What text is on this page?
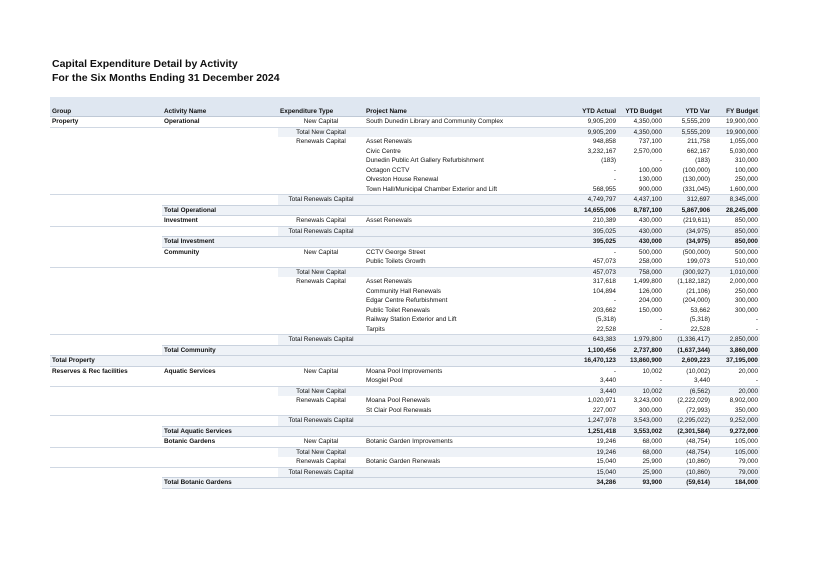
Capital Expenditure Detail by Activity
For the Six Months Ending 31 December 2024
Group	Activity Name	Expenditure Type	Project Name	YTD Actual	YTD Budget	YTD Var	FY Budget
Property	Operational	New Capital	South Dunedin Library and Community Complex	9,905,209	4,350,000	5,555,209	19,900,000
		Total New Capital		9,905,209	4,350,000	5,555,209	19,900,000
		Renewals Capital	Asset Renewals	948,858	737,100	211,758	1,055,000
			Civic Centre	3,232,167	2,570,000	662,167	5,030,000
			Dunedin Public Art Gallery Refurbishment	(183)	-	(183)	310,000
			Octagon CCTV	-	100,000	(100,000)	100,000
			Olveston House Renewal	-	130,000	(130,000)	250,000
			Town Hall/Municipal Chamber Exterior and Lift	568,955	900,000	(331,045)	1,600,000
		Total Renewals Capital		4,749,797	4,437,100	312,697	8,345,000
	Total Operational			14,655,006	8,787,100	5,867,906	28,245,000
	Investment	Renewals Capital	Asset Renewals	210,389	430,000	(219,611)	850,000
		Total Renewals Capital		395,025	430,000	(34,975)	850,000
	Total Investment			395,025	430,000	(34,975)	850,000
	Community	New Capital	CCTV George Street	-	500,000	(500,000)	500,000
			Public Toilets Growth	457,073	258,000	199,073	510,000
		Total New Capital		457,073	758,000	(300,927)	1,010,000
		Renewals Capital	Asset Renewals	317,618	1,499,800	(1,182,182)	2,000,000
			Community Hall Renewals	104,894	126,000	(21,106)	250,000
			Edgar Centre Refurbishment	-	204,000	(204,000)	300,000
			Public Toilet Renewals	203,662	150,000	53,662	300,000
			Railway Station Exterior and Lift	(5,318)	-	(5,318)	-
			Tarpits	22,528	-	22,528	-
		Total Renewals Capital		643,383	1,979,800	(1,336,417)	2,850,000
	Total Community			1,100,456	2,737,800	(1,637,344)	3,860,000
Total Property				16,470,123	13,860,900	2,609,223	37,195,000
Reserves & Rec facilities	Aquatic Services	New Capital	Moana Pool Improvements	-	10,002	(10,002)	20,000
			Mosgiel Pool	3,440	-	3,440	-
		Total New Capital		3,440	10,002	(6,562)	20,000
		Renewals Capital	Moana Pool Renewals	1,020,971	3,243,000	(2,222,029)	8,902,000
			St Clair Pool Renewals	227,007	300,000	(72,993)	350,000
		Total Renewals Capital		1,247,978	3,543,000	(2,295,022)	9,252,000
	Total Aquatic Services			1,251,418	3,553,002	(2,301,584)	9,272,000
	Botanic Gardens	New Capital	Botanic Garden Improvements	19,246	68,000	(48,754)	105,000
		Total New Capital		19,246	68,000	(48,754)	105,000
		Renewals Capital	Botanic Garden Renewals	15,040	25,900	(10,860)	79,000
		Total Renewals Capital		15,040	25,900	(10,860)	79,000
	Total Botanic Gardens			34,286	93,900	(59,614)	184,000
